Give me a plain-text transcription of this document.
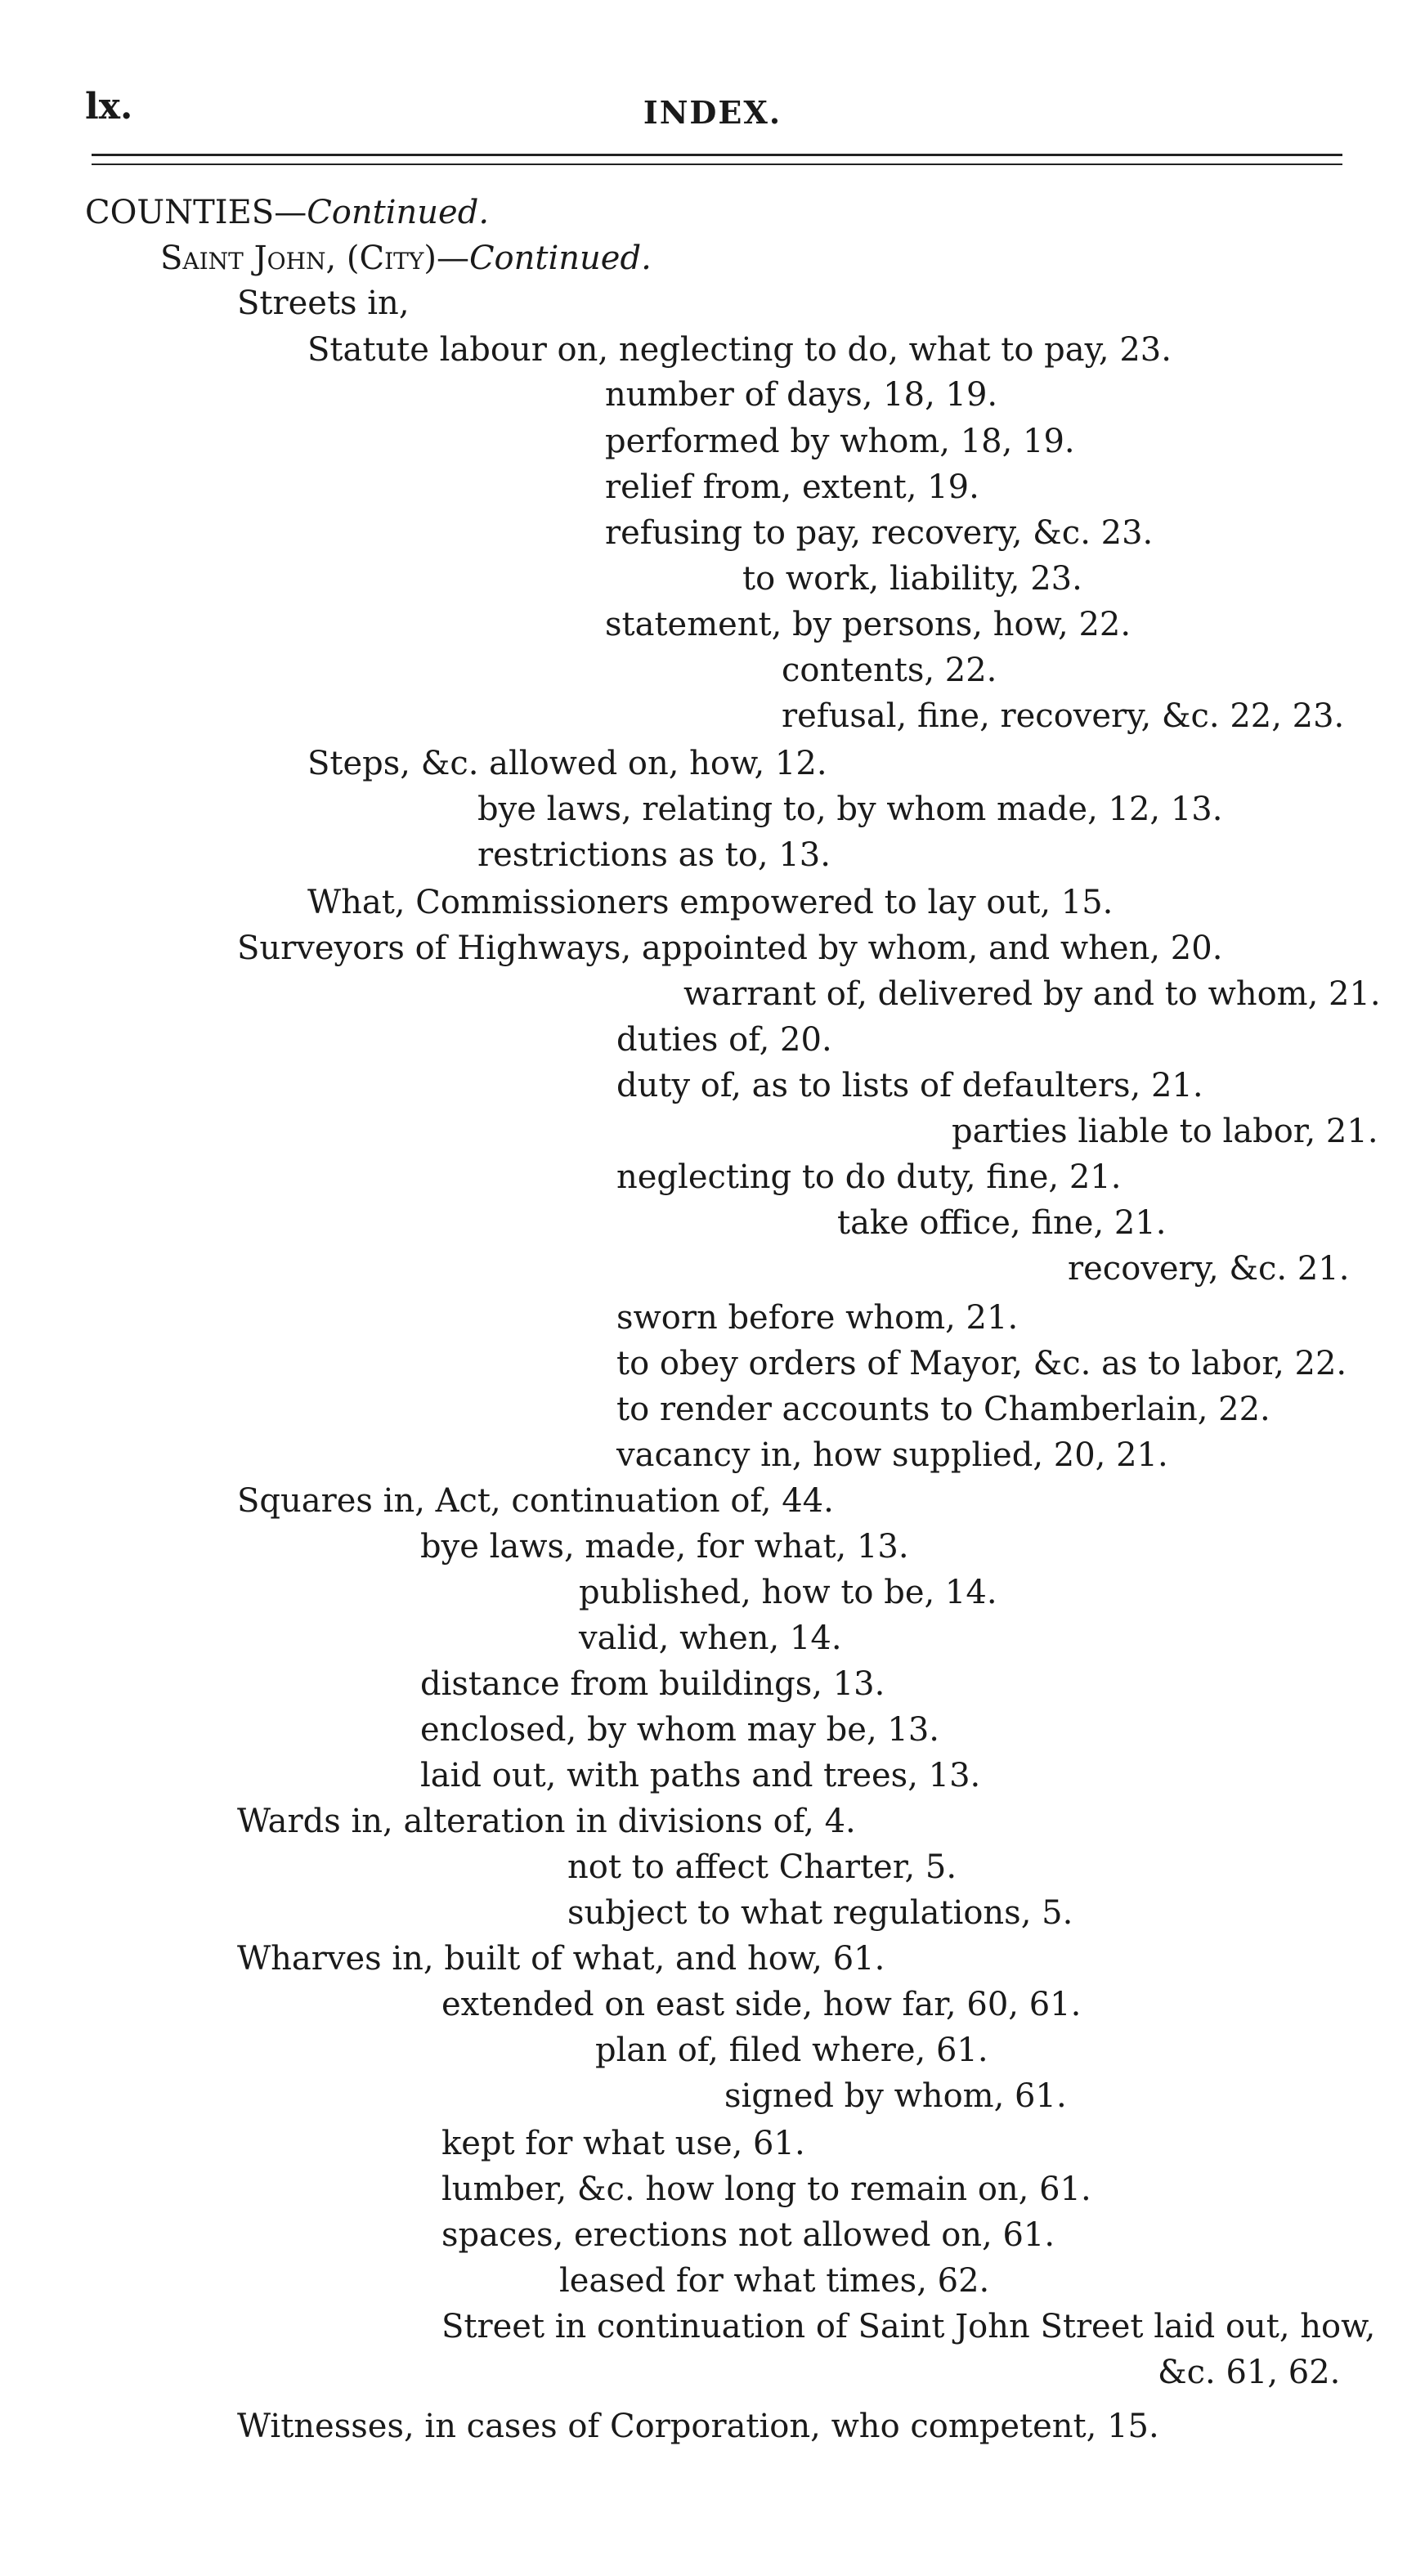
lx.	INDEX.
COUNTIES—Continued.
Saint John, (City)—Continued.
Streets in,
Statute labour on, neglecting to do, what to pay, 23.
number of days, 18, 19.
performed by whom, 18, 19.
relief from, extent, 19.
refusing to pay, recovery, &c. 23.
to work, liability, 23.
statement, by persons, how, 22.
contents, 22.
refusal, fine, recovery, &c. 22, 23.
Steps, &c. allowed on, how, 12.
bye laws, relating to, by whom made, 12, 13.
restrictions as to, 13.
What, Commissioners empowered to lay out, 15.
Surveyors of Highways, appointed by whom, and when, 20.
warrant of, delivered by and to whom, 21.
duties of, 20.
duty of, as to lists of defaulters, 21.
parties liable to labor, 21.
neglecting to do duty, fine, 21.
take office, fine, 21.
recovery, &c. 21.
sworn before whom, 21.
to obey orders of Mayor, &c. as to labor, 22.
to render accounts to Chamberlain, 22.
vacancy in, how supplied, 20, 21.
Squares in, Act, continuation of, 44.
bye laws, made, for what, 13.
published, how to be, 14.
valid, when, 14.
distance from buildings, 13.
enclosed, by whom may be, 13.
laid out, with paths and trees, 13.
Wards in, alteration in divisions of, 4.
not to affect Charter, 5.
subject to what regulations, 5.
Wharves in, built of what, and how, 61.
extended on east side, how far, 60, 61.
plan of, filed where, 61.
signed by whom, 61.
kept for what use, 61.
lumber, &c. how long to remain on, 61.
spaces, erections not allowed on, 61.
leased for what times, 62.
Street in continuation of Saint John Street laid out, how,
&c. 61, 62.
Witnesses, in cases of Corporation, who competent, 15.
